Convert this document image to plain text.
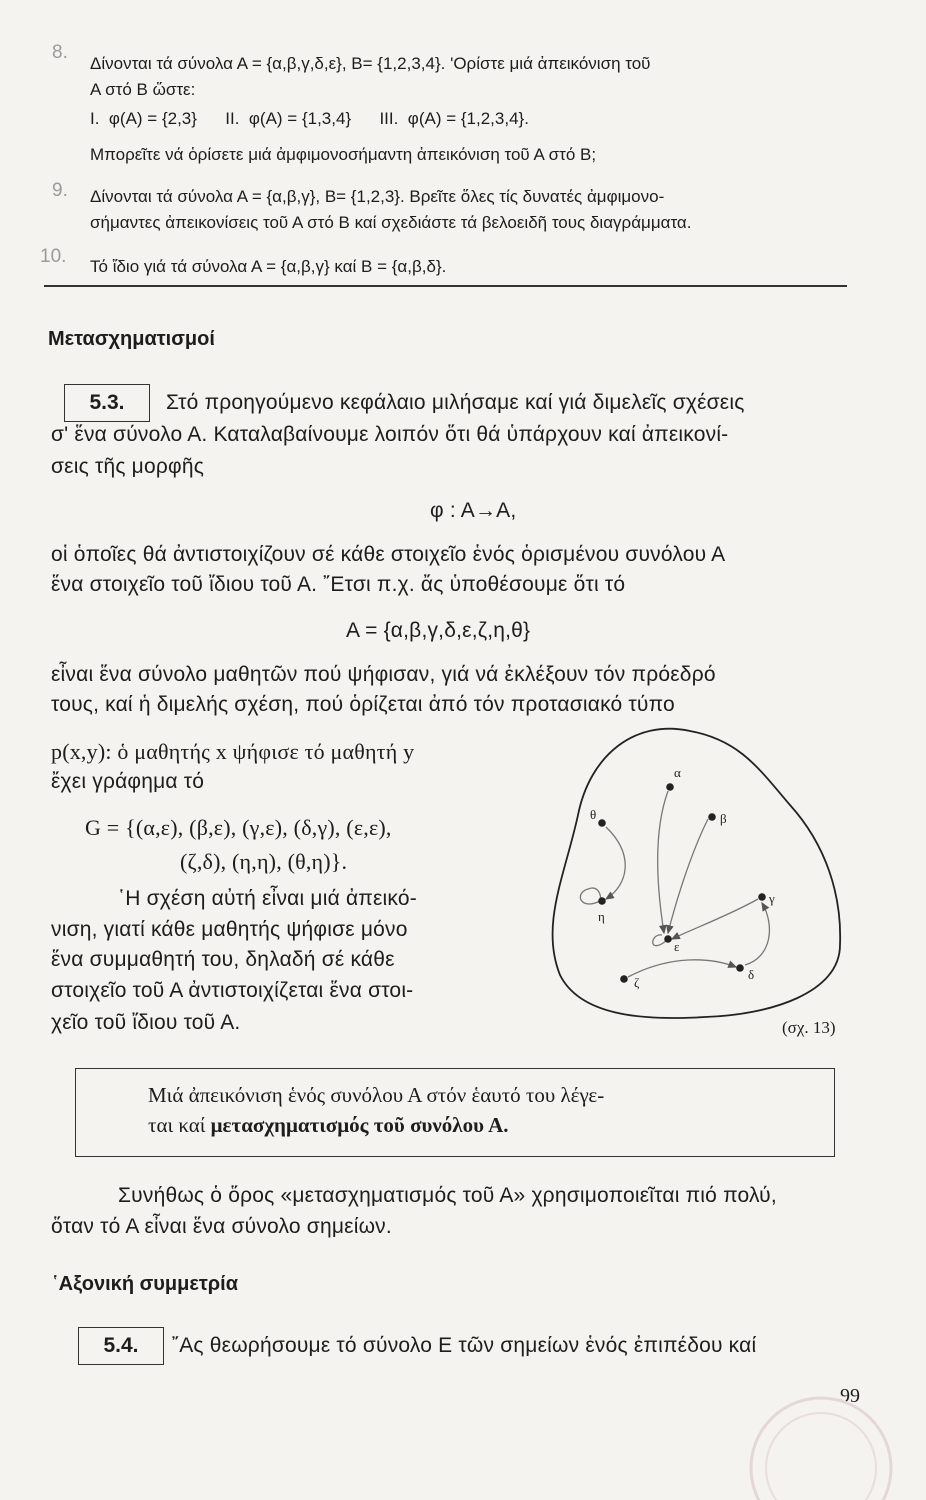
8.
Δίνονται τά σύνολα Α = {α,β,γ,δ,ε}, Β= {1,2,3,4}. 'Ορίστε μιά ἀπεικόνιση τοῦ
Α στό Β ὥστε:
I.  φ(Α) = {2,3}      II.  φ(Α) = {1,3,4}      III.  φ(Α) = {1,2,3,4}.
Μπορεῖτε νά ὁρίσετε μιά ἀμφιμονοσήμαντη ἀπεικόνιση τοῦ Α στό Β;
9. Δίνονται τά σύνολα Α = {α,β,γ}, Β= {1,2,3}. Βρεῖτε ὅλες τίς δυνατές ἀμφιμονο-
σήμαντες ἀπεικονίσεις τοῦ Α στό Β καί σχεδιάστε τά βελοειδῆ τους διαγράμματα.
10. Τό ἴδιο γιά τά σύνολα Α = {α,β,γ} καί Β = {α,β,δ}.
Μετασχηματισμοί
5.3.	Στό προηγούμενο κεφάλαιο μιλήσαμε καί γιά διμελεῖς σχέσεις
σ' ἕνα σύνολο Α. Καταλαβαίνουμε λοιπόν ὅτι θά ὑπάρχουν καί ἀπεικονί-
σεις τῆς μορφῆς
φ : Α→Α,
οἱ ὁποῖες θά ἀντιστοιχίζουν σέ κάθε στοιχεῖο ἑνός ὁρισμένου συνόλου Α
ἕνα στοιχεῖο τοῦ ἴδιου τοῦ Α. ῎Ετσι π.χ. ἄς ὑποθέσουμε ὅτι τό
Α = {α,β,γ,δ,ε,ζ,η,θ}
εἶναι ἕνα σύνολο μαθητῶν πού ψήφισαν, γιά νά ἐκλέξουν τόν πρόεδρό
τους, καί ἡ διμελής σχέση, πού ὁρίζεται ἀπό τόν προτασιακό τύπο
p(x,y): ὁ μαθητής x ψήφισε τό μαθητή y
ἔχει γράφημα τό
G = {(α,ε), (β,ε), (γ,ε), (δ,γ), (ε,ε),
(ζ,δ), (η,η), (θ,η)}.
῾Η σχέση αὐτή εἶναι μιά ἀπεικό-
νιση, γιατί κάθε μαθητής ψήφισε μόνο
ἕνα συμμαθητή του, δηλαδή σέ κάθε
στοιχεῖο τοῦ Α ἀντιστοιχίζεται ἕνα στοι-
χεῖο τοῦ ἴδιου τοῦ Α.
α
β
θ
γ
η
ε
δ
ζ
(σχ. 13)
Μιά ἀπεικόνιση ἑνός συνόλου Α στόν ἑαυτό του λέγε-
ται καί μετασχηματισμός τοῦ συνόλου Α.
Συνήθως ὁ ὅρος «μετασχηματισμός τοῦ Α» χρησιμοποιεῖται πιό πολύ,
ὅταν τό Α εἶναι ἕνα σύνολο σημείων.
῾Αξονική συμμετρία
5.4.	῎Ας θεωρήσουμε τό σύνολο Ε τῶν σημείων ἑνός ἐπιπέδου καί
99
